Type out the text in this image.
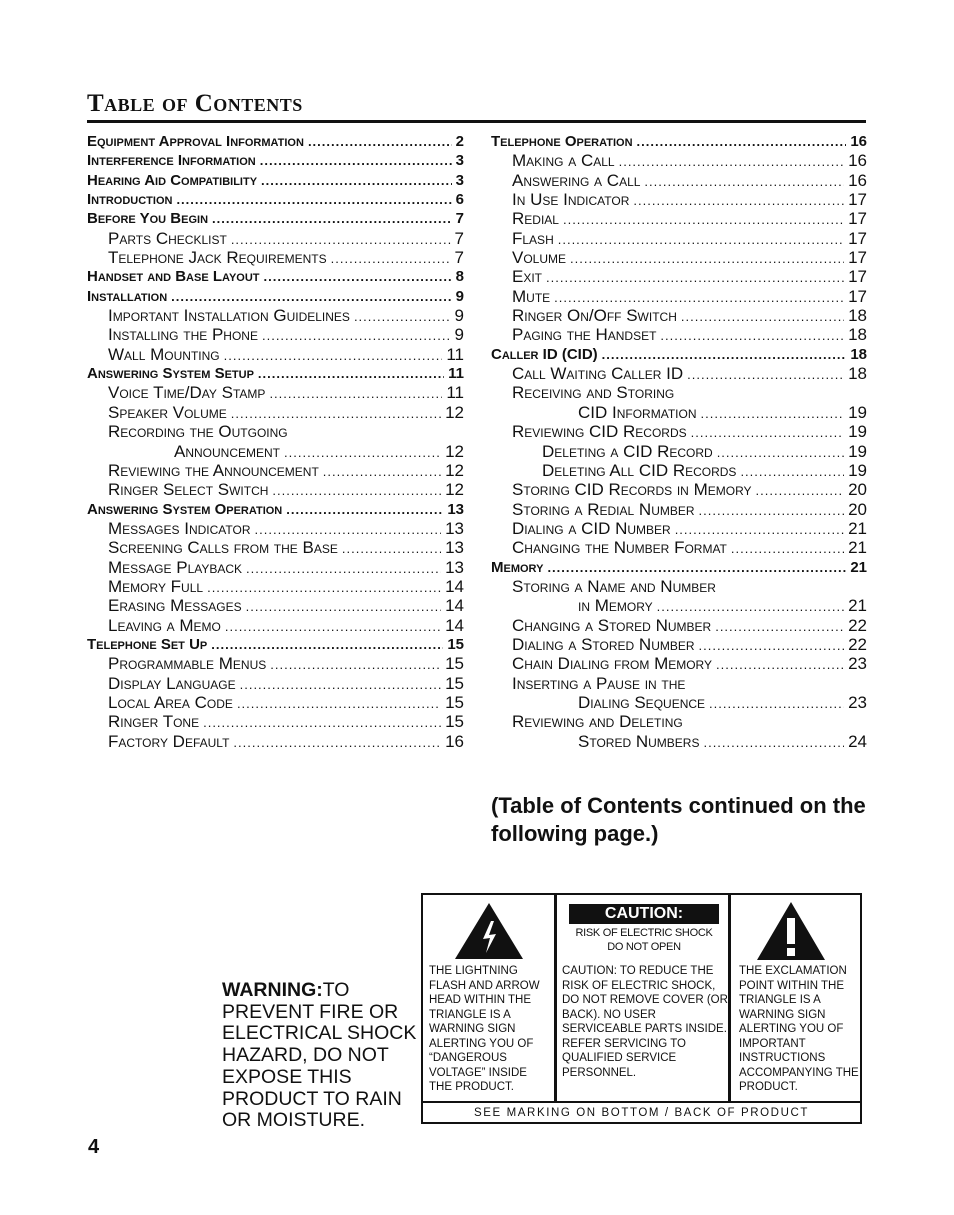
Table of Contents
Equipment Approval Information .....	2
Interference Information .....	3
Hearing Aid Compatibility .....	3
Introduction .....	6
Before You Begin .....	7
Parts Checklist .....	7
Telephone Jack Requirements .....	7
Handset and Base Layout .....	8
Installation .....	9
Important Installation Guidelines .....	9
Installing the Phone .....	9
Wall Mounting .....	11
Answering System Setup .....	11
Voice Time/Day Stamp .....	11
Speaker Volume .....	12
Recording the Outgoing
Announcement .....	12
Reviewing the Announcement .....	12
Ringer Select Switch .....	12
Answering System Operation .....	13
Messages Indicator .....	13
Screening Calls from the Base .....	13
Message Playback .....	13
Memory Full .....	14
Erasing Messages .....	14
Leaving a Memo .....	14
Telephone Set Up .....	15
Programmable Menus .....	15
Display Language .....	15
Local Area Code .....	15
Ringer Tone .....	15
Factory Default .....	16
Telephone Operation .....	16
Making a Call .....	16
Answering a Call .....	16
In Use Indicator .....	17
Redial .....	17
Flash .....	17
Volume .....	17
Exit .....	17
Mute .....	17
Ringer On/Off Switch .....	18
Paging the Handset .....	18
Caller ID (CID) .....	18
Call Waiting Caller ID .....	18
Receiving and Storing
CID Information .....	19
Reviewing CID Records .....	19
Deleting a CID Record .....	19
Deleting All CID Records .....	19
Storing CID Records in Memory .....	20
Storing a Redial Number .....	20
Dialing a CID Number .....	21
Changing the Number Format .....	21
Memory .....	21
Storing a Name and Number
in Memory .....	21
Changing a Stored Number .....	22
Dialing a Stored Number .....	22
Chain Dialing from Memory .....	23
Inserting a Pause in the
Dialing Sequence .....	23
Reviewing and Deleting
Stored Numbers .....	24
(Table of Contents continued on the following page.)
WARNING:TO PREVENT FIRE OR ELECTRICAL SHOCK HAZARD, DO NOT EXPOSE THIS PRODUCT TO RAIN OR MOISTURE.
THE LIGHTNING FLASH AND ARROW HEAD WITHIN THE TRIANGLE IS A WARNING SIGN ALERTING YOU OF “DANGEROUS VOLTAGE” INSIDE THE PRODUCT.
CAUTION:
RISK OF ELECTRIC SHOCK DO NOT OPEN
CAUTION: TO REDUCE THE RISK OF ELECTRIC SHOCK, DO NOT REMOVE COVER (OR BACK). NO USER SERVICEABLE PARTS INSIDE. REFER SERVICING TO QUALIFIED SERVICE PERSONNEL.
THE EXCLAMATION POINT WITHIN THE TRIANGLE IS A WARNING SIGN ALERTING YOU OF IMPORTANT INSTRUCTIONS ACCOMPANYING THE PRODUCT.
SEE MARKING ON BOTTOM / BACK OF PRODUCT
4
